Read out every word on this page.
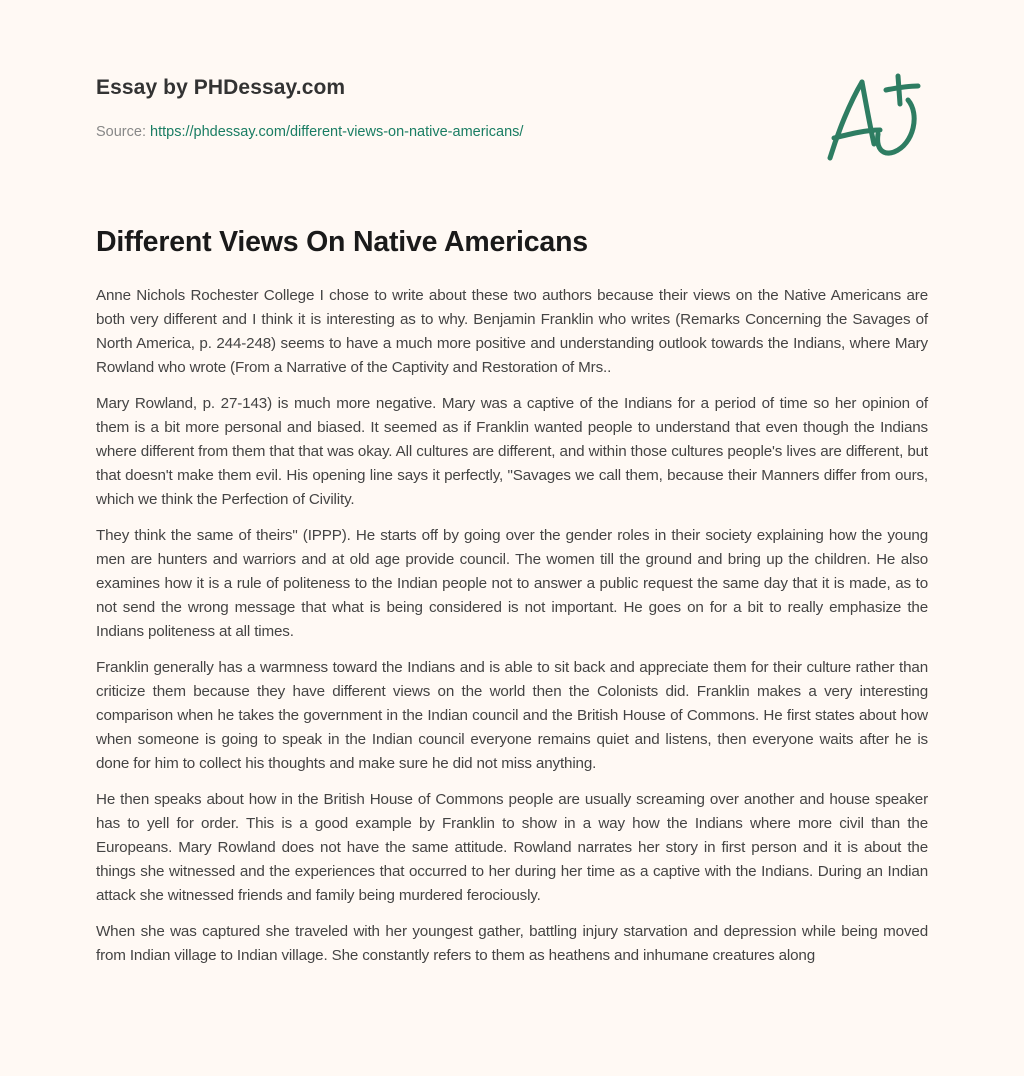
Essay by PHDessay.com
Source: https://phdessay.com/different-views-on-native-americans/
Different Views On Native Americans

Anne Nichols Rochester College I chose to write about these two authors because their views on the Native Americans are both very different and I think it is interesting as to why. Benjamin Franklin who writes (Remarks Concerning the Savages of North America, p. 244-248) seems to have a much more positive and understanding outlook towards the Indians, where Mary Rowland who wrote (From a Narrative of the Captivity and Restoration of Mrs..

Mary Rowland, p. 27-143) is much more negative. Mary was a captive of the Indians for a period of time so her opinion of them is a bit more personal and biased. It seemed as if Franklin wanted people to understand that even though the Indians where different from them that that was okay. All cultures are different, and within those cultures people's lives are different, but that doesn't make them evil. His opening line says it perfectly, "Savages we call them, because their Manners differ from ours, which we think the Perfection of Civility.

They think the same of theirs" (IPPP). He starts off by going over the gender roles in their society explaining how the young men are hunters and warriors and at old age provide council. The women till the ground and bring up the children. He also examines how it is a rule of politeness to the Indian people not to answer a public request the same day that it is made, as to not send the wrong message that what is being considered is not important. He goes on for a bit to really emphasize the Indians politeness at all times.

Franklin generally has a warmness toward the Indians and is able to sit back and appreciate them for their culture rather than criticize them because they have different views on the world then the Colonists did. Franklin makes a very interesting comparison when he takes the government in the Indian council and the British House of Commons. He first states about how when someone is going to speak in the Indian council everyone remains quiet and listens, then everyone waits after he is done for him to collect his thoughts and make sure he did not miss anything.

He then speaks about how in the British House of Commons people are usually screaming over another and house speaker has to yell for order. This is a good example by Franklin to show in a way how the Indians where more civil than the Europeans. Mary Rowland does not have the same attitude. Rowland narrates her story in first person and it is about the things she witnessed and the experiences that occurred to her during her time as a captive with the Indians. During an Indian attack she witnessed friends and family being murdered ferociously.

When she was captured she traveled with her youngest gather, battling injury starvation and depression while being moved from Indian village to Indian village. She constantly refers to them as heathens and inhumane creatures along
